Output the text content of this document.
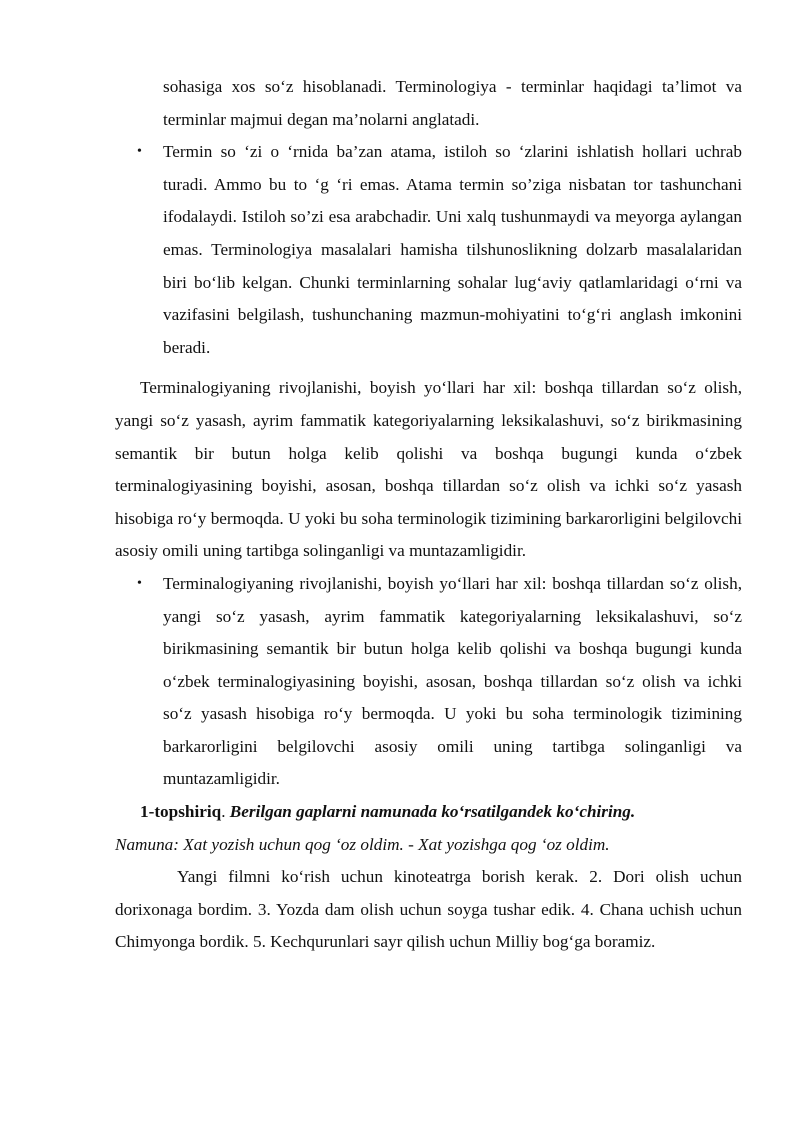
sohasiga xos so‘z hisoblanadi. Terminologiya - terminlar haqidagi ta’limot va terminlar majmui degan ma’nolarni anglatadi.

• Termin so ‘zi o ‘rnida ba’zan atama, istiloh so ‘zlarini ishlatish hollari uchrab turadi. Ammo bu to ‘g ‘ri emas. Atama termin so’ziga nisbatan tor tashunchani ifodalaydi. Istiloh so’zi esa arabchadir. Uni xalq tushunmaydi va meyorga aylangan emas. Terminologiya masalalari hamisha tilshunoslikning dolzarb masalalaridan biri bo‘lib kelgan. Chunki terminlarning sohalar lug‘aviy qatlamlaridagi o‘rni va vazifasini belgilash, tushunchaning mazmun-mohiyatini to‘g‘ri anglash imkonini beradi.

Terminalogiyaning rivojlanishi, boyish yo‘llari har xil: boshqa tillardan so‘z olish, yangi so‘z yasash, ayrim fammatik kategoriyalarning leksikalashuvi, so‘z birikmasining semantik bir butun holga kelib qolishi va boshqa bugungi kunda o‘zbek terminalogiyasining boyishi, asosan, boshqa tillardan so‘z olish va ichki so‘z yasash hisobiga ro‘y bermoqda. U yoki bu soha terminologik tizimining barkarorligini belgilovchi asosiy omili uning tartibga solinganligi va muntazamligidir.

• Terminalogiyaning rivojlanishi, boyish yo‘llari har xil: boshqa tillardan so‘z olish, yangi so‘z yasash, ayrim fammatik kategoriyalarning leksikalashuvi, so‘z birikmasining semantik bir butun holga kelib qolishi va boshqa bugungi kunda o‘zbek terminalogiyasining boyishi, asosan, boshqa tillardan so‘z olish va ichki so‘z yasash hisobiga ro‘y bermoqda. U yoki bu soha terminologik tizimining barkarorligini belgilovchi asosiy omili uning tartibga solinganligi va muntazamligidir.

1-topshiriq. Berilgan gaplarni namunada ko‘rsatilgandek ko‘chiring.

Namuna: Xat yozish uchun qog ‘oz oldim. - Xat yozishga qog ‘oz oldim.

Yangi filmni ko‘rish uchun kinoteatrga borish kerak. 2. Dori olish uchun dorixonaga bordim. 3. Yozda dam olish uchun soyga tushar edik. 4. Chana uchish uchun Chimyonga bordik. 5. Kechqurunlari sayr qilish uchun Milliy bog‘ga boramiz.
